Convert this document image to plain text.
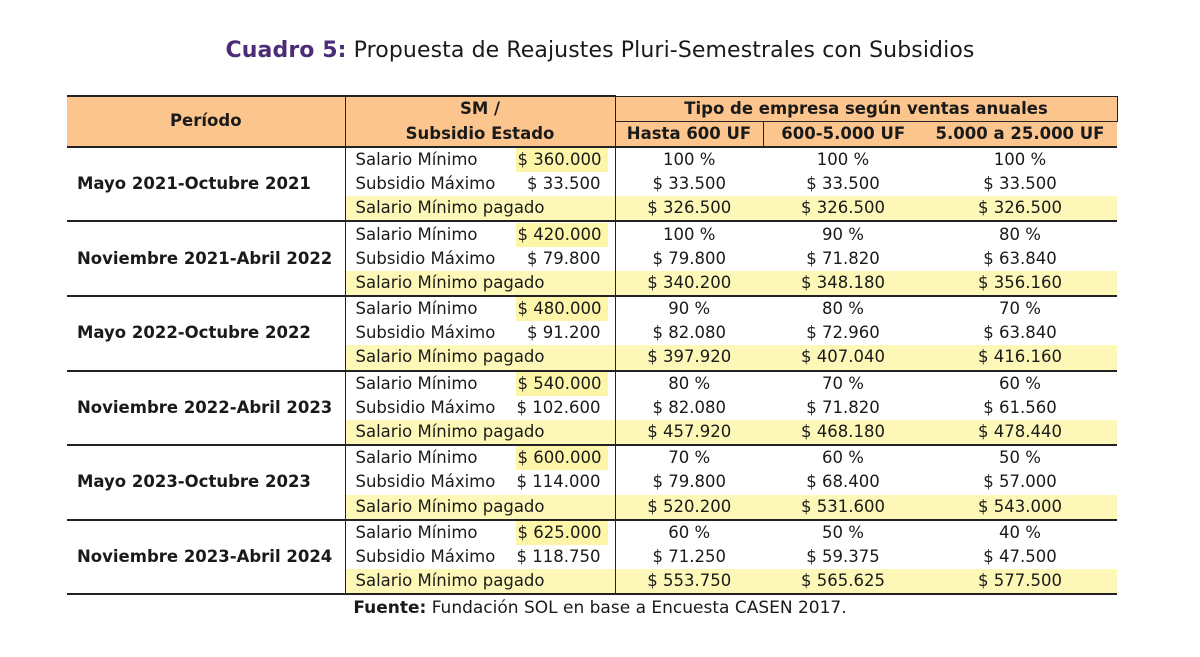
Cuadro 5: Propuesta de Reajustes Pluri-Semestrales con Subsidios
Período	SM /	Tipo de empresa según ventas anuales		
	Subsidio Estado	Hasta 600 UF	600-5.000 UF	5.000 a 25.000 UF
Mayo 2021-Octubre 2021	Salario Mínimo $ 360.000	100 %	100 %	100 %
	Subsidio Máximo $ 33.500	$ 33.500	$ 33.500	$ 33.500
	Salario Mínimo pagado	$ 326.500	$ 326.500	$ 326.500
Noviembre 2021-Abril 2022	Salario Mínimo $ 420.000	100 %	90 %	80 %
	Subsidio Máximo $ 79.800	$ 79.800	$ 71.820	$ 63.840
	Salario Mínimo pagado	$ 340.200	$ 348.180	$ 356.160
Mayo 2022-Octubre 2022	Salario Mínimo $ 480.000	90 %	80 %	70 %
	Subsidio Máximo $ 91.200	$ 82.080	$ 72.960	$ 63.840
	Salario Mínimo pagado	$ 397.920	$ 407.040	$ 416.160
Noviembre 2022-Abril 2023	Salario Mínimo $ 540.000	80 %	70 %	60 %
	Subsidio Máximo $ 102.600	$ 82.080	$ 71.820	$ 61.560
	Salario Mínimo pagado	$ 457.920	$ 468.180	$ 478.440
Mayo 2023-Octubre 2023	Salario Mínimo $ 600.000	70 %	60 %	50 %
	Subsidio Máximo $ 114.000	$ 79.800	$ 68.400	$ 57.000
	Salario Mínimo pagado	$ 520.200	$ 531.600	$ 543.000
Noviembre 2023-Abril 2024	Salario Mínimo $ 625.000	60 %	50 %	40 %
	Subsidio Máximo $ 118.750	$ 71.250	$ 59.375	$ 47.500
	Salario Mínimo pagado	$ 553.750	$ 565.625	$ 577.500
Fuente: Fundación SOL en base a Encuesta CASEN 2017.
